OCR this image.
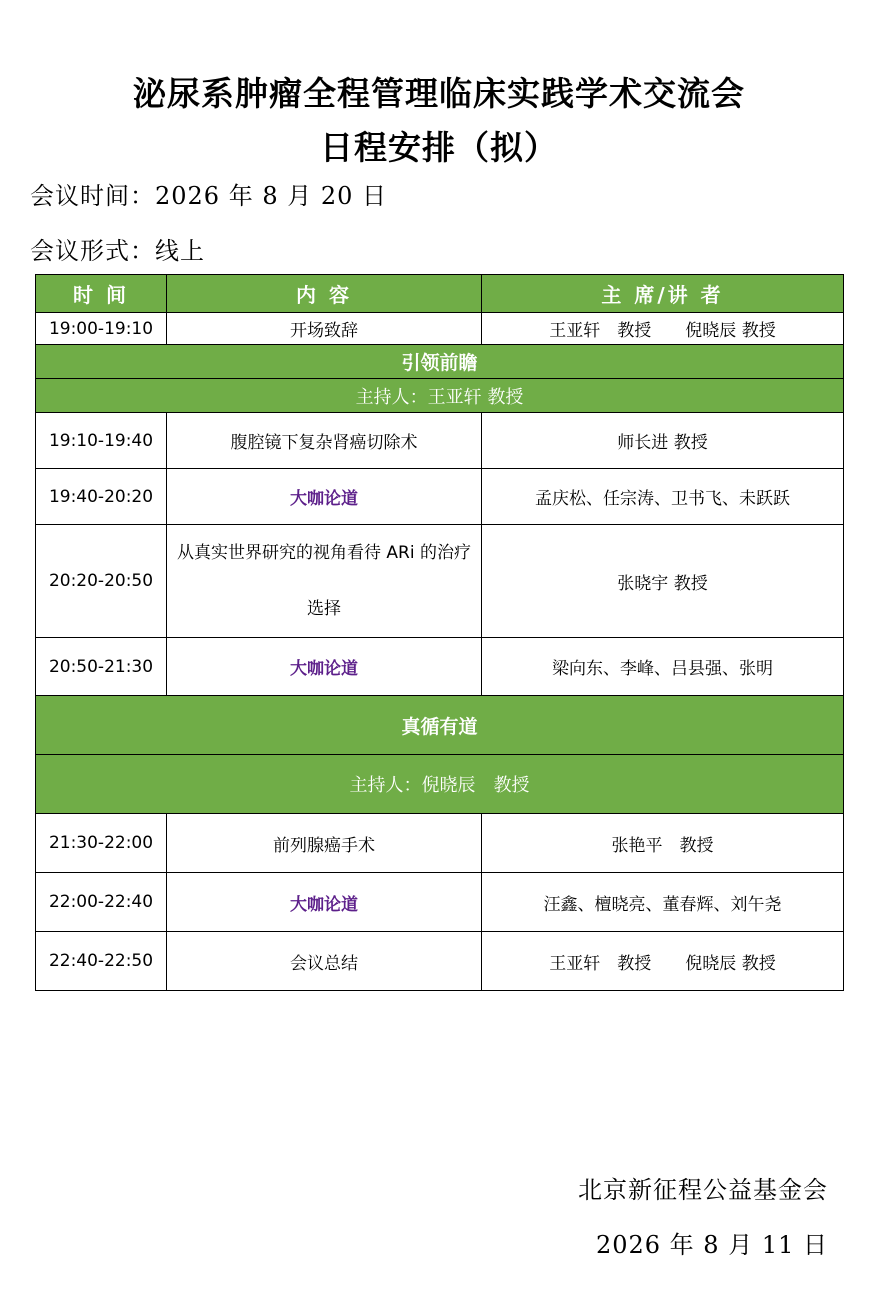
泌尿系肿瘤全程管理临床实践学术交流会
日程安排（拟）
会议时间：2026 年 8 月 20 日
会议形式：线上
时 间	内 容	主 席/讲 者
19:00-19:10	开场致辞	王亚轩　教授　　倪晓辰 教授
引领前瞻		
主持人：王亚轩 教授		
19:10-19:40	腹腔镜下复杂肾癌切除术	师长进 教授
19:40-20:20	大咖论道	孟庆松、任宗涛、卫书飞、未跃跃
20:20-20:50	从真实世界研究的视角看待 ARi 的治疗选择	张晓宇 教授
20:50-21:30	大咖论道	梁向东、李峰、吕县强、张明
真循有道		
主持人：倪晓辰　教授		
21:30-22:00	前列腺癌手术	张艳平　教授
22:00-22:40	大咖论道	汪鑫、檀晓亮、董春辉、刘午尧
22:40-22:50	会议总结	王亚轩　教授　　倪晓辰 教授
北京新征程公益基金会
2026 年 8 月 11 日
